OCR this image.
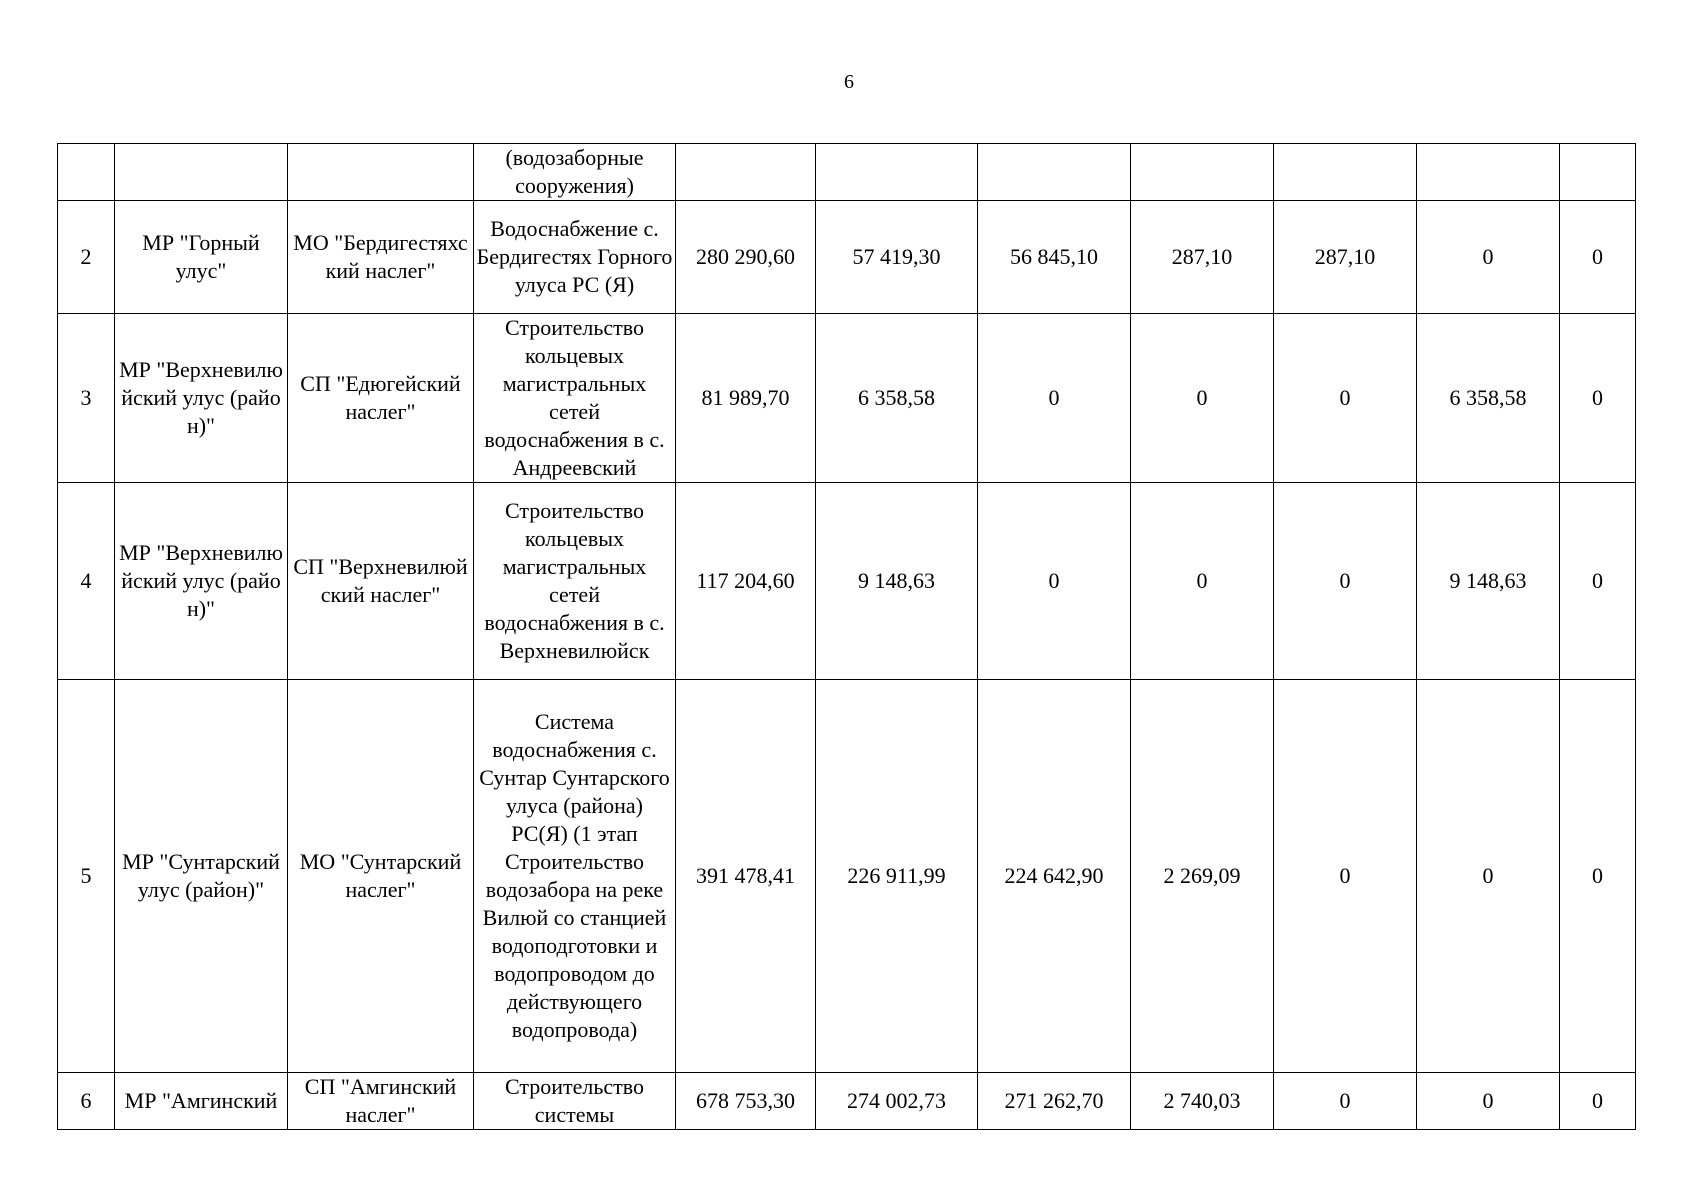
6
			(водозаборные сооружения)							
2	МР "Горный улус"	МО "Бердигестяхский наслег"	Водоснабжение с. Бердигестях Горного улуса РС (Я)	280 290,60	57 419,30	56 845,10	287,10	287,10	0	0
3	МР "Верхневилюйский улус (район)"	СП "Едюгейский наслег"	Строительство кольцевых магистральных сетей водоснабжения в с. Андреевский	81 989,70	6 358,58	0	0	0	6 358,58	0
4	МР "Верхневилюйский улус (район)"	СП "Верхневилюйский наслег"	Строительство кольцевых магистральных сетей водоснабжения в с. Верхневилюйск	117 204,60	9 148,63	0	0	0	9 148,63	0
5	МР "Сунтарский улус (район)"	МО "Сунтарский наслег"	Система водоснабжения с. Сунтар Сунтарского улуса (района) РС(Я) (1 этап Строительство водозабора на реке Вилюй со станцией водоподготовки и водопроводом до действующего водопровода)	391 478,41	226 911,99	224 642,90	2 269,09	0	0	0
6	МР "Амгинский	СП "Амгинский наслег"	Строительство системы	678 753,30	274 002,73	271 262,70	2 740,03	0	0	0
